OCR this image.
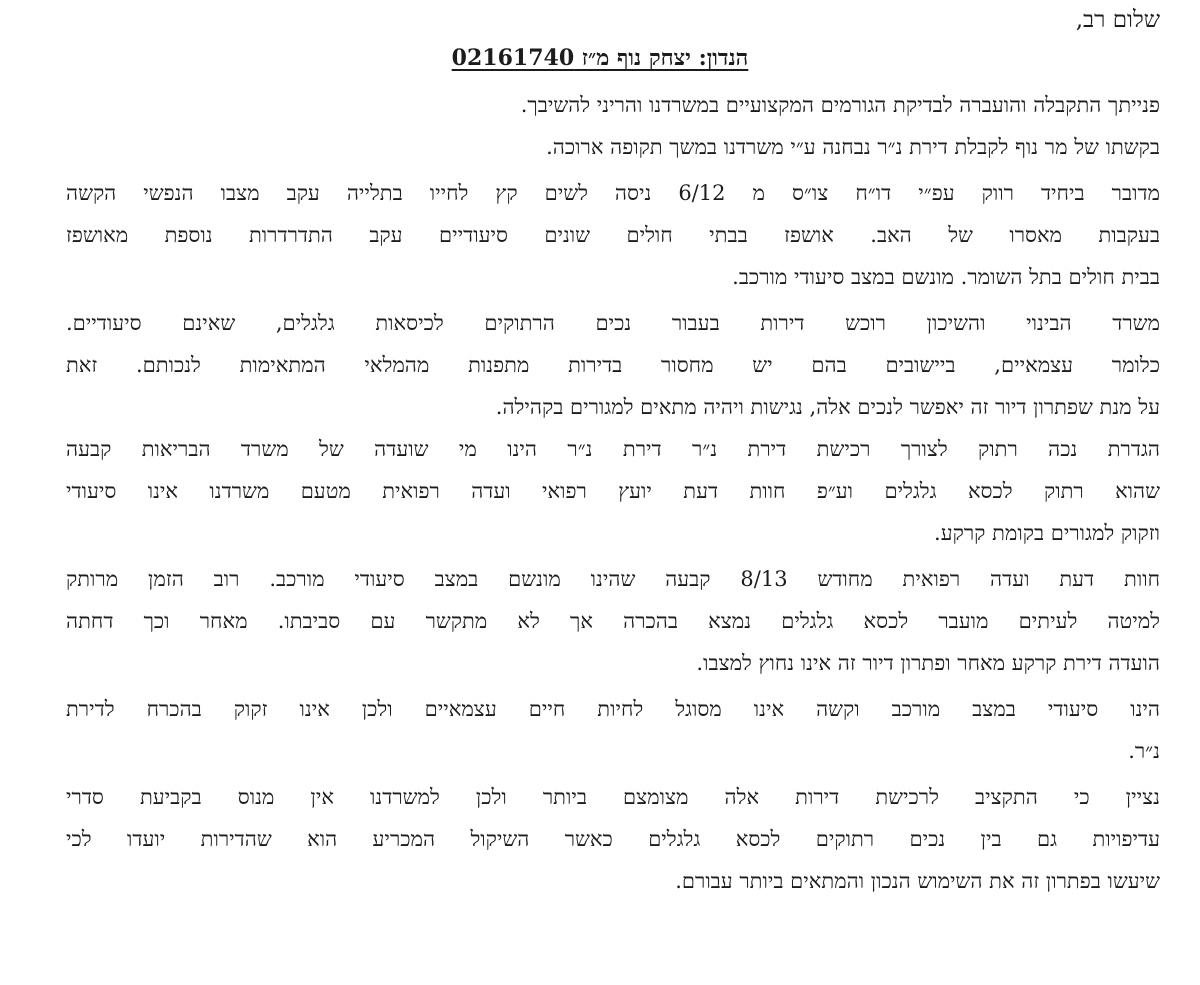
שלום רב,

הנדון: יצחק נוף מ״ז 02161740

פנייתך התקבלה והועברה לבדיקת הגורמים המקצועיים במשרדנו והריני להשיבך.
בקשתו של מר נוף לקבלת דירת נ״ר נבחנה ע״י משרדנו במשך תקופה ארוכה.
מדובר ביחיד רווק עפ״י דו״ח צו״ס מ 6/12 ניסה לשים קץ לחייו בתלייה עקב מצבו הנפשי הקשה
בעקבות מאסרו של האב. אושפז בבתי חולים שונים סיעודיים עקב התדרדרות נוספת מאושפז
בבית חולים בתל השומר. מונשם במצב סיעודי מורכב.
משרד הבינוי והשיכון רוכש דירות בעבור נכים הרתוקים לכיסאות גלגלים, שאינם סיעודיים.
כלומר עצמאיים, ביישובים בהם יש מחסור בדירות מתפנות מהמלאי המתאימות לנכותם. זאת
על מנת שפתרון דיור זה יאפשר לנכים אלה, נגישות ויהיה מתאים למגורים בקהילה.
הגדרת נכה רתוק לצורך רכישת דירת נ״ר דירת נ״ר הינו מי שועדה של משרד הבריאות קבעה
שהוא רתוק לכסא גלגלים וע״פ חוות דעת יועץ רפואי ועדה רפואית מטעם משרדנו אינו סיעודי
וזקוק למגורים בקומת קרקע.
חוות דעת ועדה רפואית מחודש 8/13 קבעה שהינו מונשם במצב סיעודי מורכב. רוב הזמן מרותק
למיטה לעיתים מועבר לכסא גלגלים נמצא בהכרה אך לא מתקשר עם סביבתו. מאחר וכך דחתה
הועדה דירת קרקע מאחר ופתרון דיור זה אינו נחוץ למצבו.
הינו סיעודי במצב מורכב וקשה אינו מסוגל לחיות חיים עצמאיים ולכן אינו זקוק בהכרח לדירת
נ״ר.
נציין כי התקציב לרכישת דירות אלה מצומצם ביותר ולכן למשרדנו אין מנוס בקביעת סדרי
עדיפויות גם בין נכים רתוקים לכסא גלגלים כאשר השיקול המכריע הוא שהדירות יועדו לכי
שיעשו בפתרון זה את השימוש הנכון והמתאים ביותר עבורם.
